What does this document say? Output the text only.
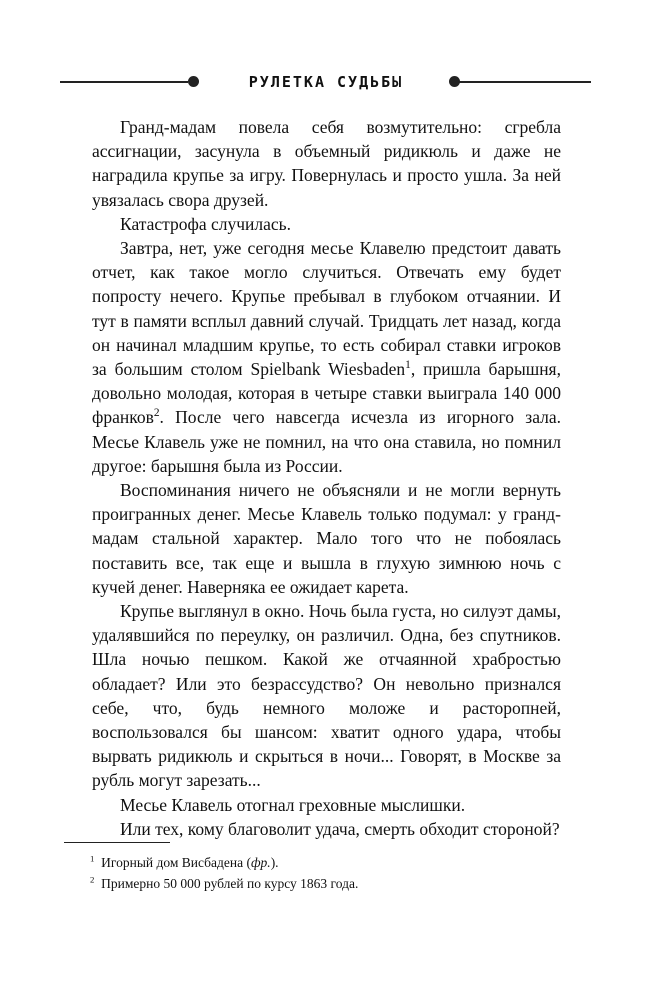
РУЛЕТКА СУДЬБЫ

Гранд-мадам повела себя возмутительно: сгребла ассигнации, засунула в объемный ридикюль и даже не наградила крупье за игру. Повернулась и просто ушла. За ней увязалась свора друзей.

Катастрофа случилась.

Завтра, нет, уже сегодня месье Клавелю предстоит давать отчет, как такое могло случиться. Отвечать ему будет попросту нечего. Крупье пребывал в глубоком отчаянии. И тут в памяти всплыл давний случай. Тридцать лет назад, когда он начинал младшим крупье, то есть собирал ставки игроков за большим столом Spielbank Wiesbaden$^1$, пришла барышня, довольно молодая, которая в четыре ставки выиграла 140 000 франков$^2$. После чего навсегда исчезла из игорного зала. Месье Клавель уже не помнил, на что она ставила, но помнил другое: барышня была из России.

Воспоминания ничего не объясняли и не могли вернуть проигранных денег. Месье Клавель только подумал: у гранд-мадам стальной характер. Мало того что не побоялась поставить все, так еще и вышла в глухую зимнюю ночь с кучей денег. Наверняка ее ожидает карета.

Крупье выглянул в окно. Ночь была густа, но силуэт дамы, удалявшийся по переулку, он различил. Одна, без спутников. Шла ночью пешком. Какой же отчаянной храбростью обладает? Или это безрассудство? Он невольно признался себе, что, будь немного моложе и расторопней, воспользовался бы шансом: хватит одного удара, чтобы вырвать ридикюль и скрыться в ночи... Говорят, в Москве за рубль могут зарезать...

Месье Клавель отогнал греховные мыслишки.

Или тех, кому благоволит удача, смерть обходит стороной?

$^1$ Игорный дом Висбадена (фр.).
$^2$ Примерно 50 000 рублей по курсу 1863 года.
